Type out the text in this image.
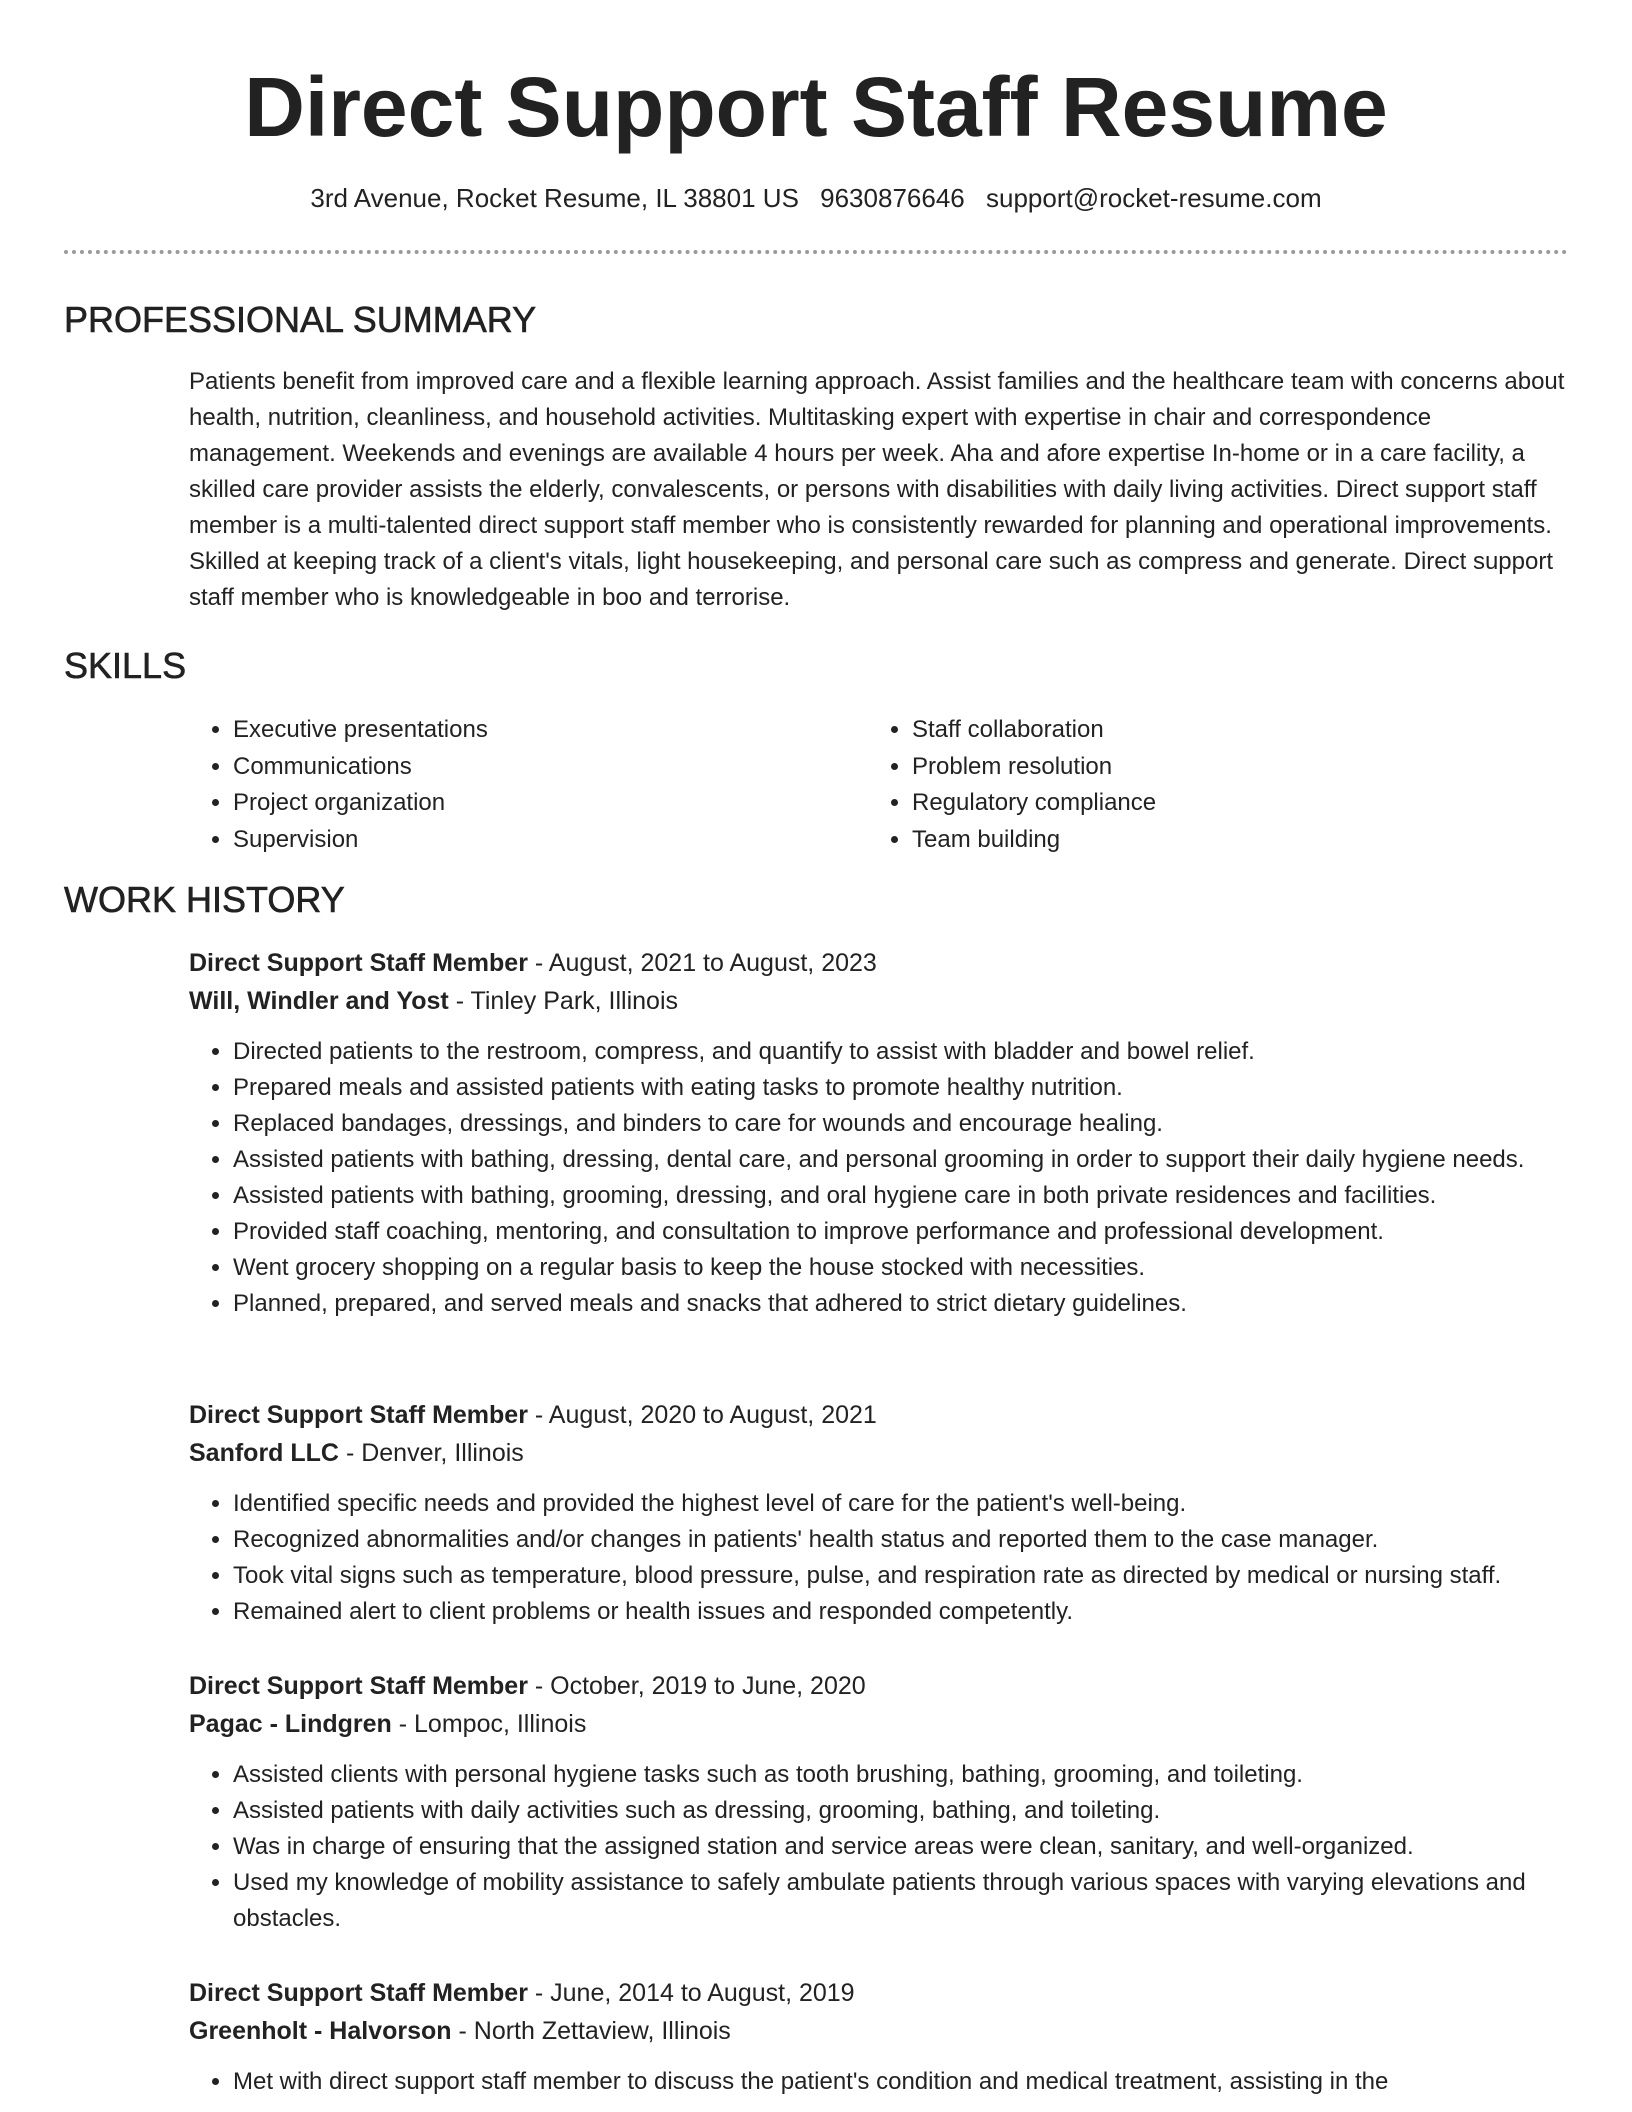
Direct Support Staff Resume
3rd Avenue, Rocket Resume, IL 38801 US 9630876646 support@rocket-resume.com
PROFESSIONAL SUMMARY

Patients benefit from improved care and a flexible learning approach. Assist families and the healthcare team with concerns about health, nutrition, cleanliness, and household activities. Multitasking expert with expertise in chair and correspondence management. Weekends and evenings are available 4 hours per week. Aha and afore expertise In-home or in a care facility, a skilled care provider assists the elderly, convalescents, or persons with disabilities with daily living activities. Direct support staff member is a multi-talented direct support staff member who is consistently rewarded for planning and operational improvements. Skilled at keeping track of a client's vitals, light housekeeping, and personal care such as compress and generate. Direct support staff member who is knowledgeable in boo and terrorise.

SKILLS
• Executive presentations
• Communications
• Project organization
• Supervision
• Staff collaboration
• Problem resolution
• Regulatory compliance
• Team building
WORK HISTORY
Direct Support Staff Member - August, 2021 to August, 2023
Will, Windler and Yost - Tinley Park, Illinois
• Directed patients to the restroom, compress, and quantify to assist with bladder and bowel relief.
• Prepared meals and assisted patients with eating tasks to promote healthy nutrition.
• Replaced bandages, dressings, and binders to care for wounds and encourage healing.
• Assisted patients with bathing, dressing, dental care, and personal grooming in order to support their daily hygiene needs.
• Assisted patients with bathing, grooming, dressing, and oral hygiene care in both private residences and facilities.
• Provided staff coaching, mentoring, and consultation to improve performance and professional development.
• Went grocery shopping on a regular basis to keep the house stocked with necessities.
• Planned, prepared, and served meals and snacks that adhered to strict dietary guidelines.
Direct Support Staff Member - August, 2020 to August, 2021
Sanford LLC - Denver, Illinois
• Identified specific needs and provided the highest level of care for the patient's well-being.
• Recognized abnormalities and/or changes in patients' health status and reported them to the case manager.
• Took vital signs such as temperature, blood pressure, pulse, and respiration rate as directed by medical or nursing staff.
• Remained alert to client problems or health issues and responded competently.
Direct Support Staff Member - October, 2019 to June, 2020
Pagac - Lindgren - Lompoc, Illinois
• Assisted clients with personal hygiene tasks such as tooth brushing, bathing, grooming, and toileting.
• Assisted patients with daily activities such as dressing, grooming, bathing, and toileting.
• Was in charge of ensuring that the assigned station and service areas were clean, sanitary, and well-organized.
• Used my knowledge of mobility assistance to safely ambulate patients through various spaces with varying elevations and obstacles.
Direct Support Staff Member - June, 2014 to August, 2019
Greenholt - Halvorson - North Zettaview, Illinois
• Met with direct support staff member to discuss the patient's condition and medical treatment, assisting in the
